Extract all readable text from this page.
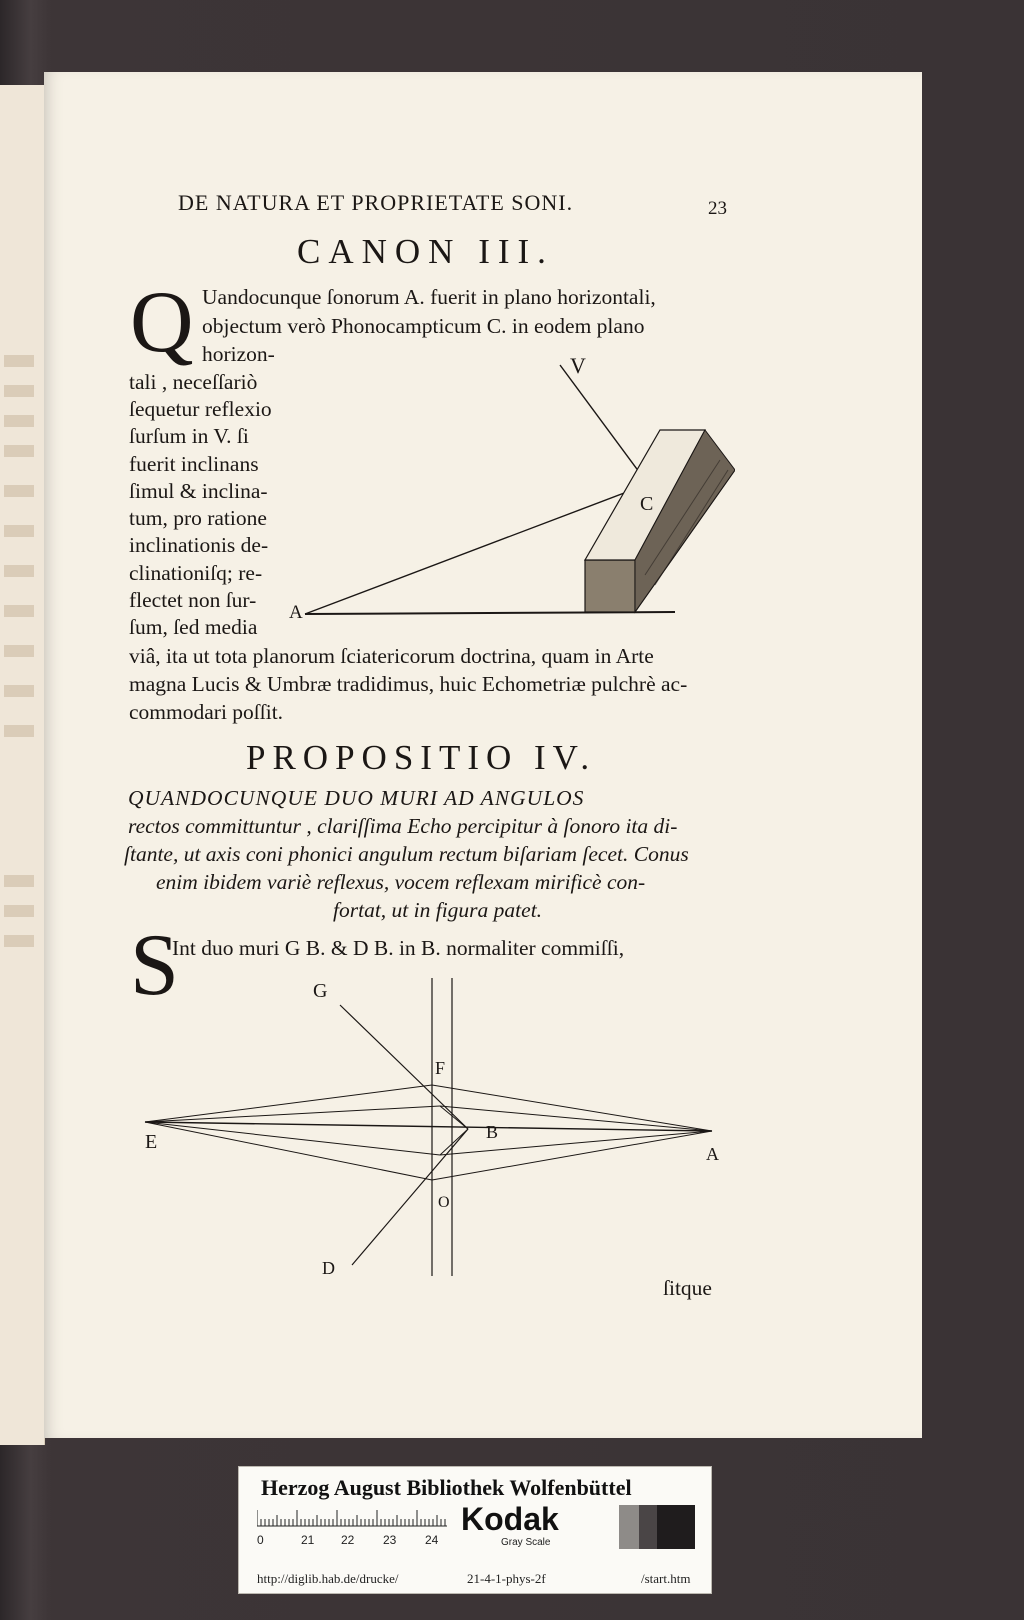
DE NATURA ET PROPRIETATE SONI.	23
CANON III.
Q Uandocunque ſonorum A. fuerit in plano horizontali,
objectum verò Phonocampticum C. in eodem plano
horizon-
tali , neceſſariò
ſequetur reflexio
ſurſum in V. ſi
fuerit inclinans
ſimul & inclina-
tum, pro ratione
inclinationis de-
clinationiſq; re-
flectet non ſur-
ſum, ſed media
viâ, ita ut tota planorum ſciatericorum doctrina, quam in Arte
magna Lucis & Umbræ tradidimus, huic Echometriæ pulchrè ac-
commodari poſſit.
V
C
A
PROPOSITIO IV.
QUANDOCUNQUE DUO MURI AD ANGULOS
rectos committuntur , clariſſima Echo percipitur à ſonoro ita di-
ſtante, ut axis coni phonici angulum rectum biſariam ſecet. Conus
enim ibidem variè reflexus, vocem reflexam mirificè con-
fortat, ut in figura patet.
S
Int duo muri G B. & D B. in B. normaliter commiſſi,
G
F
E	B
A
O
D
ſitque
Herzog August Bibliothek Wolfenbüttel
0	21 22 23 24
Kodak
Gray Scale
http://diglib.hab.de/drucke/	21-4-1-phys-2f	/start.htm
